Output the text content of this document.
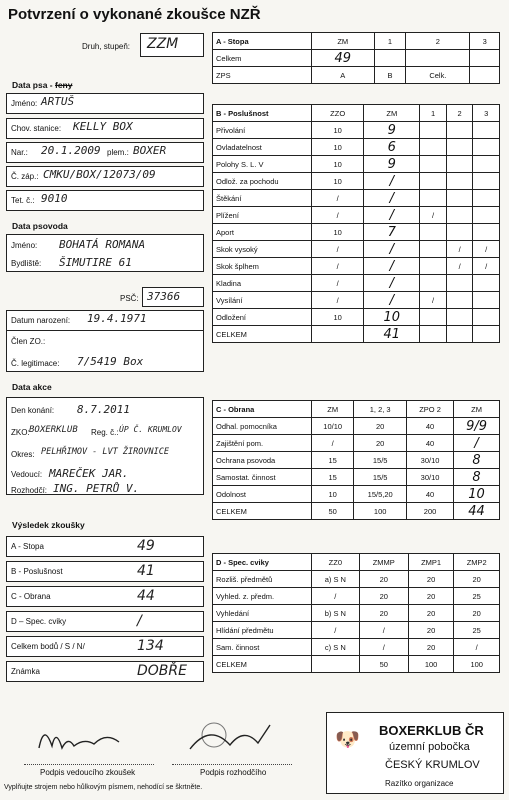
Potvrzení o vykonané zkoušce NZŘ
Druh, stupeň: ZZM
Data psa - feny
Jméno: ARTUŠ
Chov. stanice: KELLY BOX
Nar.: 20.1.2009 plem.: BOXER
Č. záp.: CMKU/BOX/12073/09
Tet. č.: 9010
Data psovoda
Jméno: BOHATÁ ROMANA
Bydliště: ŠIMUTIRE 61
PSČ: 37366
Datum narození: 19.4.1971
Člen ZO.:
Č. legitimace: 7/5419 Box
Data akce
Den konání: 8.7.2011
ZKO: BOXERKLUB Reg. č.: ÚP Č. KRUMLOV
Okres: PELHŘIMOV - LVT ŽIROVNICE
Vedoucí: MAREČEK JAR.
Rozhodčí: ING. PETRŮ V.
Výsledek zkoušky
A - Stopa	49
B - Poslušnost	41
C - Obrana	44
D – Spec. cviky	/
Celkem bodů / S / N/	134
Známka	DOBŘE
A - Stopa	ZM	1	2	3
Celkem	49			
ZPS	A	B	Celk.	
B - Poslušnost	ZZO	ZM	1	2	3
Přivolání	10	9			
Ovladatelnost	10	6			
Polohy S. L. V	10	9			
Odlož. za pochodu	10	/			
Štěkání	/	/			
Plížení	/	/	/		
Aport	10	7			
Skok vysoký	/	/		/	/
Skok šplhem	/	/		/	/
Kladina	/	/			
Vysílání	/	/	/		
Odložení	10	10			
CELKEM		41			
C - Obrana	ZM	1, 2, 3	ZPO 2	ZM
Odhal. pomocníka	10/10	20	40	9/9
Zajištění pom.	/	20	40	/
Ochrana psovoda	15	15/5	30/10	8
Samostat. činnost	15	15/5	30/10	8
Odolnost	10	15/5,20	40	10
CELKEM	50	100	200	44
D - Spec. cviky	ZZ0	ZMMP	ZMP1	ZMP2
Rozliš. předmětů	a) S N	20	20	20
Vyhled. z. předm.	/	20	20	25
Vyhledání	b) S N	20	20	20
Hlídání předmětu	/	/	20	25
Sam. činnost	c) S N	/	20	/
CELKEM		50	100	100
Podpis vedoucího zkoušek	Podpis rozhodčího
🐶 BOXERKLUB ČR
územní pobočka
ČESKÝ KRUMLOV
Razítko organizace
Vyplňujte strojem nebo hůlkovým písmem, nehodící se škrtněte.
